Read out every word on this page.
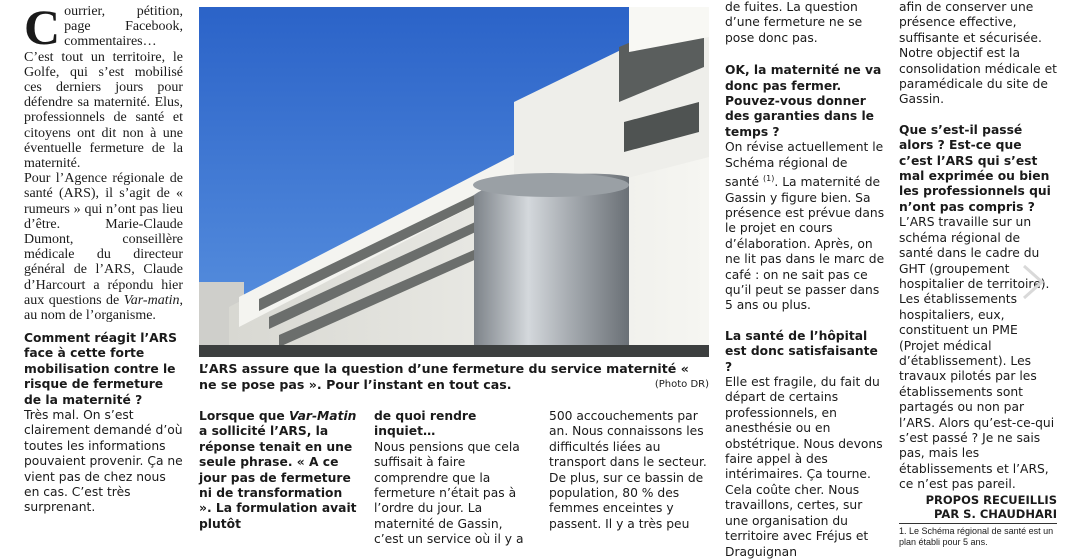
C ourrier, pétition, page Facebook, commentaires… C’est tout un territoire, le Golfe, qui s’est mobilisé ces derniers jours pour défendre sa maternité. Elus, professionnels de santé et citoyens ont dit non à une éventuelle fermeture de la maternité.

Pour l’Agence régionale de santé (ARS), il s’agit de « rumeurs » qui n’ont pas lieu d’être. Marie-Claude Dumont, conseillère médicale du directeur général de l’ARS, Claude d’Harcourt a répondu hier aux questions de Var-matin, au nom de l’organisme.

Comment réagit l’ARS face à cette forte mobilisation contre le risque de fermeture de la maternité ?

Très mal. On s’est clairement demandé d’où toutes les informations pouvaient provenir. Ça ne vient pas de chez nous en cas. C’est très surprenant.

L’ARS assure que la question d’une fermeture du service maternité « ne se pose pas ». Pour l’instant en tout cas.	(Photo DR)

Lorsque que Var-Matin a sollicité l’ARS, la réponse tenait en une seule phrase. « A ce jour pas de fermeture ni de transformation ». La formulation avait plutôt

de quoi rendre inquiet…

Nous pensions que cela suffisait à faire comprendre que la fermeture n’était pas à l’ordre du jour. La maternité de Gassin, c’est un service où il y a

500 accouchements par an. Nous connaissons les difficultés liées au transport dans le secteur. De plus, sur ce bassin de population, 80 % des femmes enceintes y passent. Il y a très peu

de fuites. La question d’une fermeture ne se pose donc pas.

OK, la maternité ne va donc pas fermer. Pouvez-vous donner des garanties dans le temps ?

On révise actuellement le Schéma régional de santé $^{(1)}$. La maternité de Gassin y figure bien. Sa présence est prévue dans le projet en cours d’élaboration. Après, on ne lit pas dans le marc de café : on ne sait pas ce qu’il peut se passer dans 5 ans ou plus.

La santé de l’hôpital est donc satisfaisante ?

Elle est fragile, du fait du départ de certains professionnels, en anesthésie ou en obstétrique. Nous devons faire appel à des intérimaires. Ça tourne. Cela coûte cher. Nous travaillons, certes, sur une organisation du territoire avec Fréjus et Draguignan

afin de conserver une présence effective, suffisante et sécurisée. Notre objectif est la consolidation médicale et paramédicale du site de Gassin.

Que s’est-il passé alors ? Est-ce que c’est l’ARS qui s’est mal exprimée ou bien les professionnels qui n’ont pas compris ?

L’ARS travaille sur un schéma régional de santé dans le cadre du GHT (groupement hospitalier de territoire). Les établissements hospitaliers, eux, constituent un PME (Projet médical d’établissement). Les travaux pilotés par les établissements sont partagés ou non par l’ARS. Alors qu’est-ce-qui s’est passé ? Je ne sais pas, mais les établissements et l’ARS, ce n’est pas pareil.

PROPOS RECUEILLIS
PAR S. CHAUDHARI

1. Le Schéma régional de santé est un plan établi pour 5 ans.
